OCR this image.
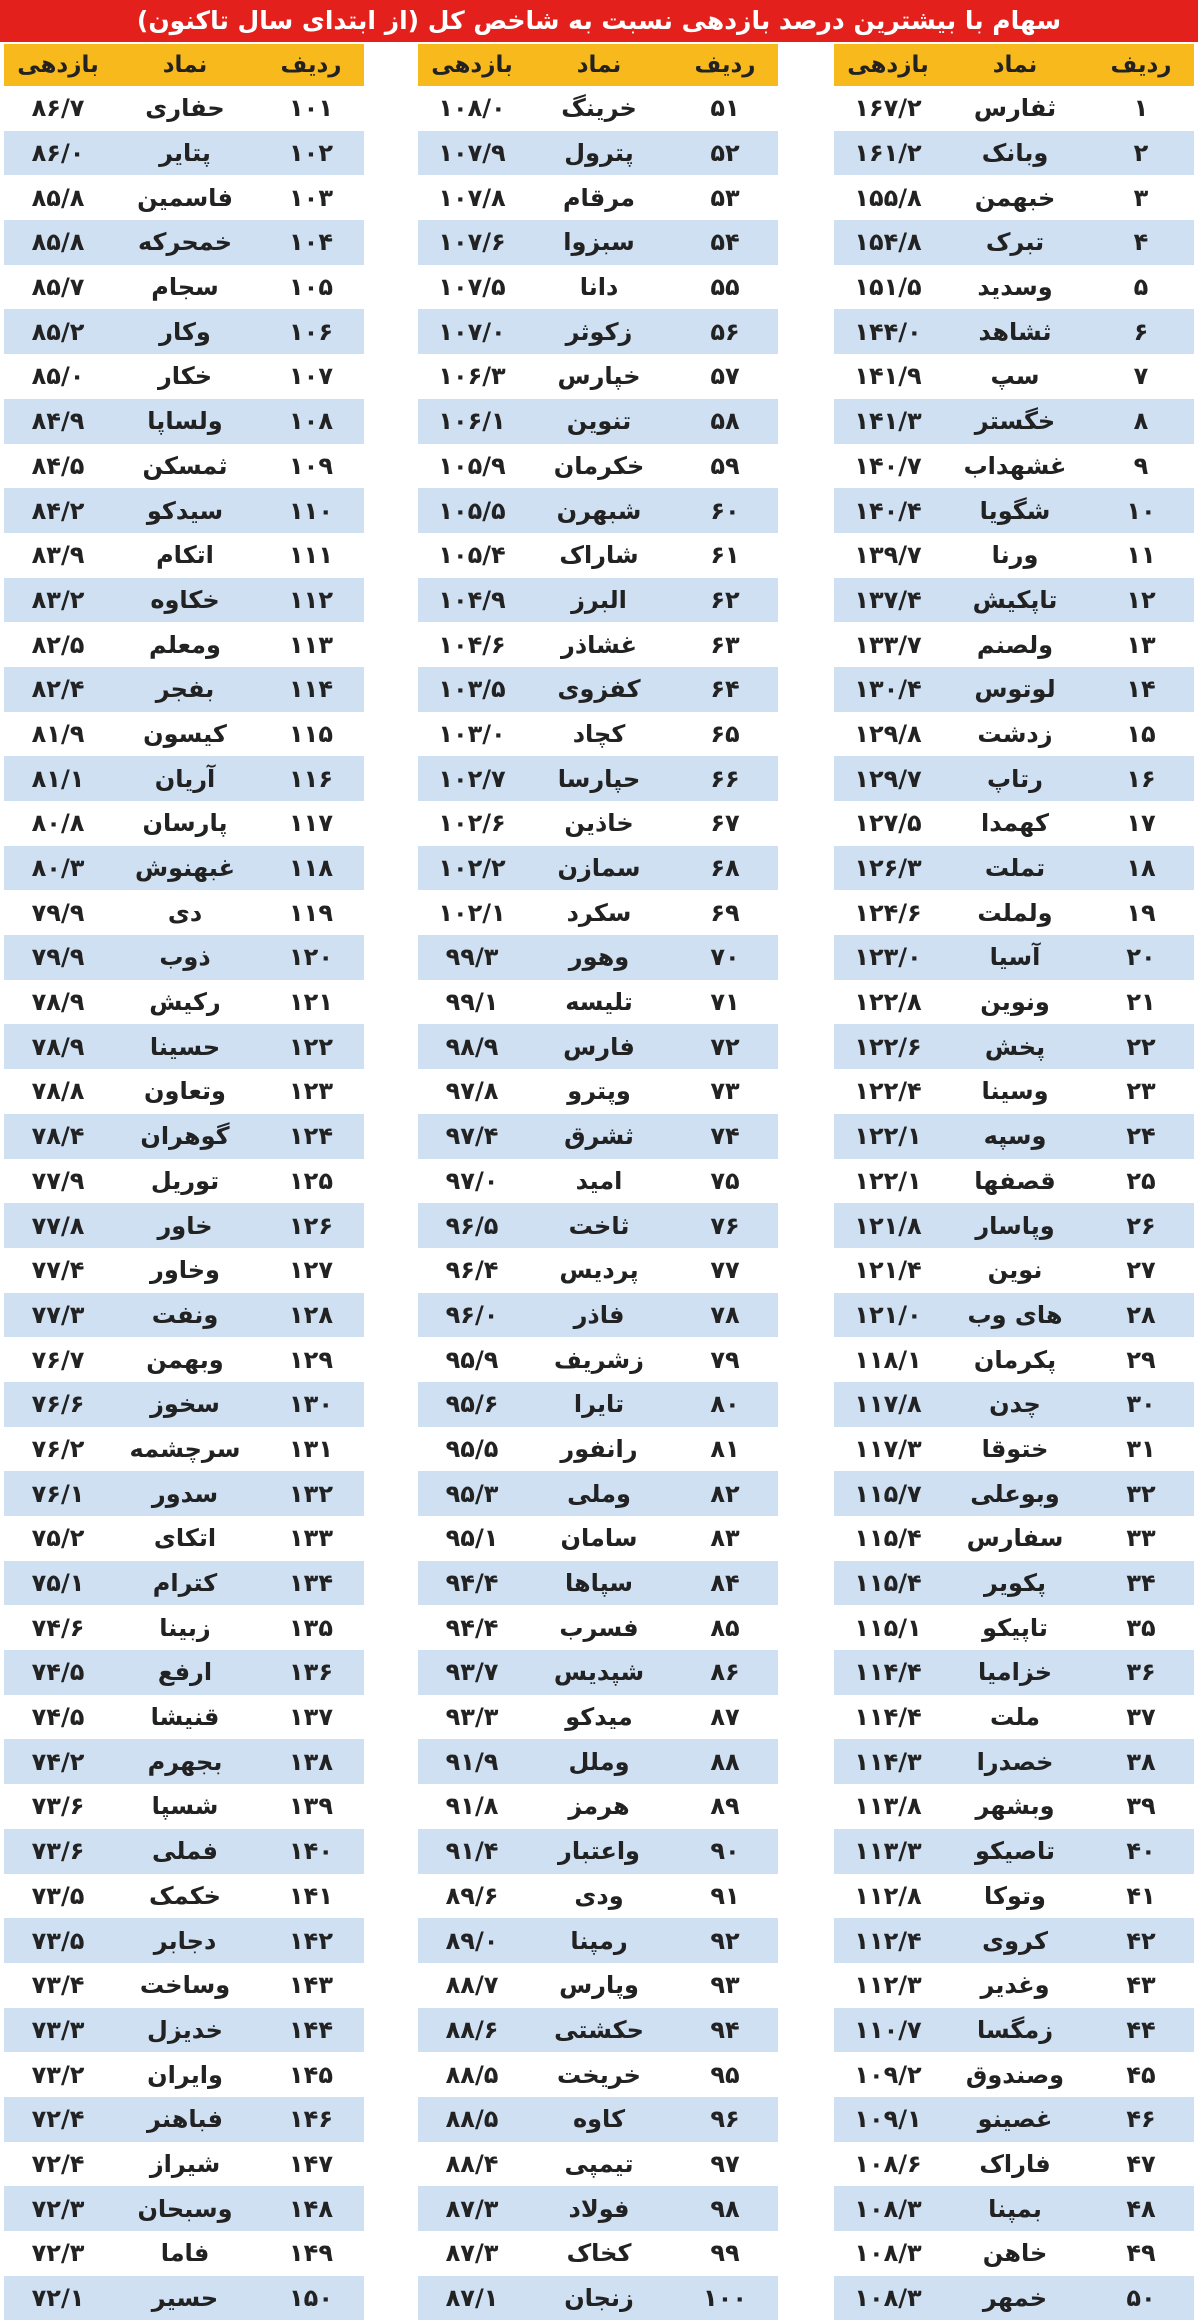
سهام با بیشترین درصد بازدهی نسبت به شاخص کل (از ابتدای سال تاکنون)
بازدهی		نماد		ردیف
۸۶/۷		حفاری		۱۰۱
۸۶/۰		پتایر		۱۰۲
۸۵/۸		فاسمین		۱۰۳
۸۵/۸		خمحرکه		۱۰۴
۸۵/۷		سجام		۱۰۵
۸۵/۲		وکار		۱۰۶
۸۵/۰		خکار		۱۰۷
۸۴/۹		ولساپا		۱۰۸
۸۴/۵		ثمسکن		۱۰۹
۸۴/۲		سیدکو		۱۱۰
۸۳/۹		اتکام		۱۱۱
۸۳/۲		خکاوه		۱۱۲
۸۲/۵		ومعلم		۱۱۳
۸۲/۴		بفجر		۱۱۴
۸۱/۹		کیسون		۱۱۵
۸۱/۱		آریان		۱۱۶
۸۰/۸		پارسان		۱۱۷
۸۰/۳		غبهنوش		۱۱۸
۷۹/۹		دی		۱۱۹
۷۹/۹		ذوب		۱۲۰
۷۸/۹		رکیش		۱۲۱
۷۸/۹		حسینا		۱۲۲
۷۸/۸		وتعاون		۱۲۳
۷۸/۴		گوهران		۱۲۴
۷۷/۹		توریل		۱۲۵
۷۷/۸		خاور		۱۲۶
۷۷/۴		وخاور		۱۲۷
۷۷/۳		ونفت		۱۲۸
۷۶/۷		وبهمن		۱۲۹
۷۶/۶		سخوز		۱۳۰
۷۶/۲		سرچشمه		۱۳۱
۷۶/۱		سدور		۱۳۲
۷۵/۲		اتکای		۱۳۳
۷۵/۱		کترام		۱۳۴
۷۴/۶		زبینا		۱۳۵
۷۴/۵		ارفع		۱۳۶
۷۴/۵		قنیشا		۱۳۷
۷۴/۲		بجهرم		۱۳۸
۷۳/۶		شسپا		۱۳۹
۷۳/۶		فملی		۱۴۰
۷۳/۵		خکمک		۱۴۱
۷۳/۵		دجابر		۱۴۲
۷۳/۴		وساخت		۱۴۳
۷۳/۳		خدیزل		۱۴۴
۷۳/۲		وایران		۱۴۵
۷۲/۴		فباهنر		۱۴۶
۷۲/۴		شیراز		۱۴۷
۷۲/۳		وسبحان		۱۴۸
۷۲/۳		فاما		۱۴۹
۷۲/۱		حسیر		۱۵۰
بازدهی		نماد		ردیف
۱۰۸/۰		خرینگ		۵۱
۱۰۷/۹		پترول		۵۲
۱۰۷/۸		مرقام		۵۳
۱۰۷/۶		سبزوا		۵۴
۱۰۷/۵		دانا		۵۵
۱۰۷/۰		زکوثر		۵۶
۱۰۶/۳		خپارس		۵۷
۱۰۶/۱		تنوین		۵۸
۱۰۵/۹		خکرمان		۵۹
۱۰۵/۵		شبهرن		۶۰
۱۰۵/۴		شاراک		۶۱
۱۰۴/۹		البرز		۶۲
۱۰۴/۶		غشاذر		۶۳
۱۰۳/۵		کفزوی		۶۴
۱۰۳/۰		کچاد		۶۵
۱۰۲/۷		حپارسا		۶۶
۱۰۲/۶		خاذین		۶۷
۱۰۲/۲		سمازن		۶۸
۱۰۲/۱		سکرد		۶۹
۹۹/۳		وهور		۷۰
۹۹/۱		تلیسه		۷۱
۹۸/۹		فارس		۷۲
۹۷/۸		وپترو		۷۳
۹۷/۴		ثشرق		۷۴
۹۷/۰		امید		۷۵
۹۶/۵		ثاخت		۷۶
۹۶/۴		پردیس		۷۷
۹۶/۰		فاذر		۷۸
۹۵/۹		زشریف		۷۹
۹۵/۶		تایرا		۸۰
۹۵/۵		رانفور		۸۱
۹۵/۳		وملی		۸۲
۹۵/۱		سامان		۸۳
۹۴/۴		سپاها		۸۴
۹۴/۴		فسرب		۸۵
۹۳/۷		شپدیس		۸۶
۹۳/۳		میدکو		۸۷
۹۱/۹		وملل		۸۸
۹۱/۸		هرمز		۸۹
۹۱/۴		واعتبار		۹۰
۸۹/۶		ودی		۹۱
۸۹/۰		رمپنا		۹۲
۸۸/۷		وپارس		۹۳
۸۸/۶		حکشتی		۹۴
۸۸/۵		خریخت		۹۵
۸۸/۵		کاوه		۹۶
۸۸/۴		تیمپی		۹۷
۸۷/۳		فولاد		۹۸
۸۷/۳		کخاک		۹۹
۸۷/۱		زنجان		۱۰۰
بازدهی		نماد		ردیف
۱۶۷/۲		ثفارس		۱
۱۶۱/۲		وبانک		۲
۱۵۵/۸		خبهمن		۳
۱۵۴/۸		تبرک		۴
۱۵۱/۵		وسدید		۵
۱۴۴/۰		ثشاهد		۶
۱۴۱/۹		سپ		۷
۱۴۱/۳		خگستر		۸
۱۴۰/۷		غشهداب		۹
۱۴۰/۴		شگویا		۱۰
۱۳۹/۷		ورنا		۱۱
۱۳۷/۴		تاپکیش		۱۲
۱۳۳/۷		ولصنم		۱۳
۱۳۰/۴		لوتوس		۱۴
۱۲۹/۸		زدشت		۱۵
۱۲۹/۷		رتاپ		۱۶
۱۲۷/۵		کهمدا		۱۷
۱۲۶/۳		تملت		۱۸
۱۲۴/۶		ولملت		۱۹
۱۲۳/۰		آسیا		۲۰
۱۲۲/۸		ونوین		۲۱
۱۲۲/۶		پخش		۲۲
۱۲۲/۴		وسینا		۲۳
۱۲۲/۱		وسپه		۲۴
۱۲۲/۱		قصفها		۲۵
۱۲۱/۸		وپاسار		۲۶
۱۲۱/۴		نوین		۲۷
۱۲۱/۰		های وب		۲۸
۱۱۸/۱		پکرمان		۲۹
۱۱۷/۸		چدن		۳۰
۱۱۷/۳		ختوقا		۳۱
۱۱۵/۷		وبوعلی		۳۲
۱۱۵/۴		سفارس		۳۳
۱۱۵/۴		پکویر		۳۴
۱۱۵/۱		تاپیکو		۳۵
۱۱۴/۴		خزامیا		۳۶
۱۱۴/۴		ملت		۳۷
۱۱۴/۳		خصدرا		۳۸
۱۱۳/۸		وبشهر		۳۹
۱۱۳/۳		تاصیکو		۴۰
۱۱۲/۸		وتوکا		۴۱
۱۱۲/۴		کروی		۴۲
۱۱۲/۳		وغدیر		۴۳
۱۱۰/۷		زمگسا		۴۴
۱۰۹/۲		وصندوق		۴۵
۱۰۹/۱		غصینو		۴۶
۱۰۸/۶		فاراک		۴۷
۱۰۸/۳		بمپنا		۴۸
۱۰۸/۳		خاهن		۴۹
۱۰۸/۳		خمهر		۵۰
